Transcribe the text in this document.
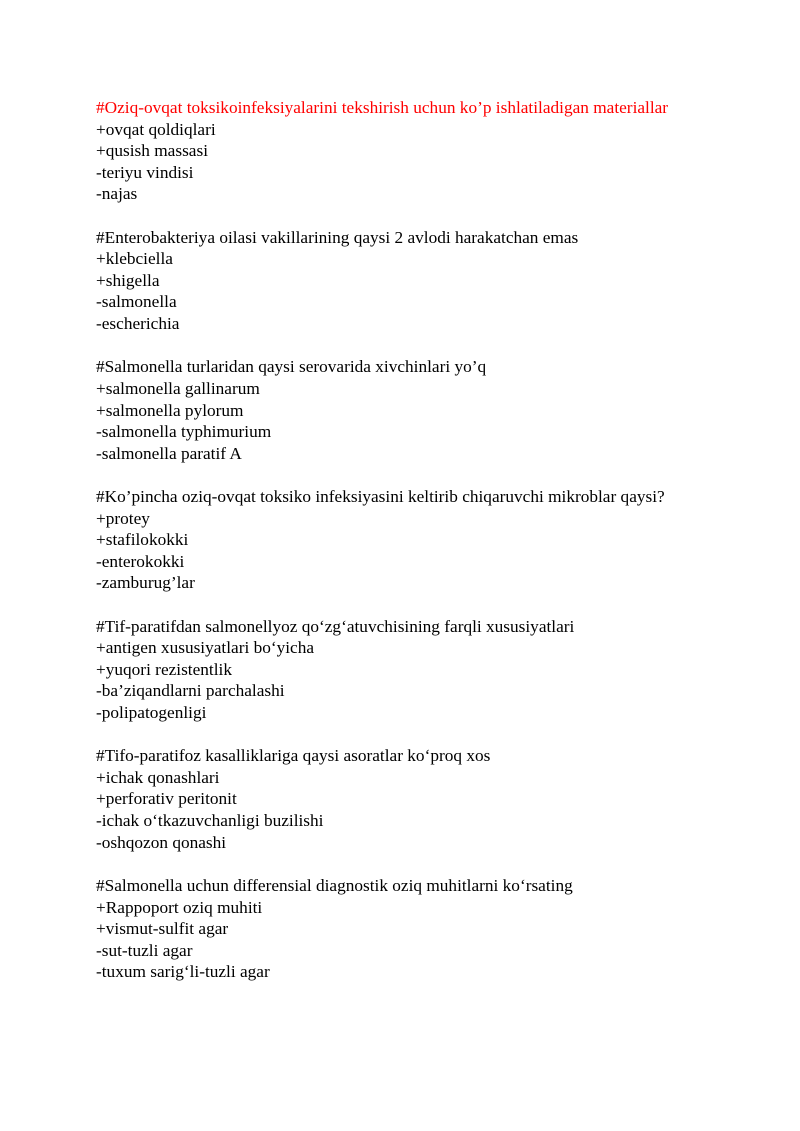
#Oziq-ovqat toksikoinfeksiyalarini tekshirish uchun ko’p ishlatiladigan materiallar
+ovqat qoldiqlari
+qusish massasi
-teriyu vindisi
-najas
#Enterobakteriya oilasi vakillarining qaysi 2 avlodi harakatchan emas
+klebciella
+shigella
-salmonella
-escherichia
#Salmonella turlaridan qaysi serovarida xivchinlari yo’q
+salmonella gallinarum
+salmonella pylorum
-salmonella typhimurium
-salmonella paratif A
#Ko’pincha oziq-ovqat toksiko infeksiyasini keltirib chiqaruvchi mikroblar qaysi?
+protey
+stafilokokki
-enterokokki
-zamburug’lar
#Tif-paratifdan salmonellyoz qo‘zg‘atuvchisining farqli xususiyatlari
+antigen xususiyatlari bo‘yicha
+yuqori rezistentlik
-ba’ziqandlarni parchalashi
-polipatogenligi
#Tifo-paratifoz kasalliklariga qaysi asoratlar ko‘proq xos
+ichak qonashlari
+perforativ peritonit
-ichak o‘tkazuvchanligi buzilishi
-oshqozon qonashi
#Salmonella uchun differensial diagnostik oziq muhitlarni ko‘rsating
+Rappoport oziq muhiti
+vismut-sulfit agar
-sut-tuzli agar
-tuxum sarig‘li-tuzli agar
